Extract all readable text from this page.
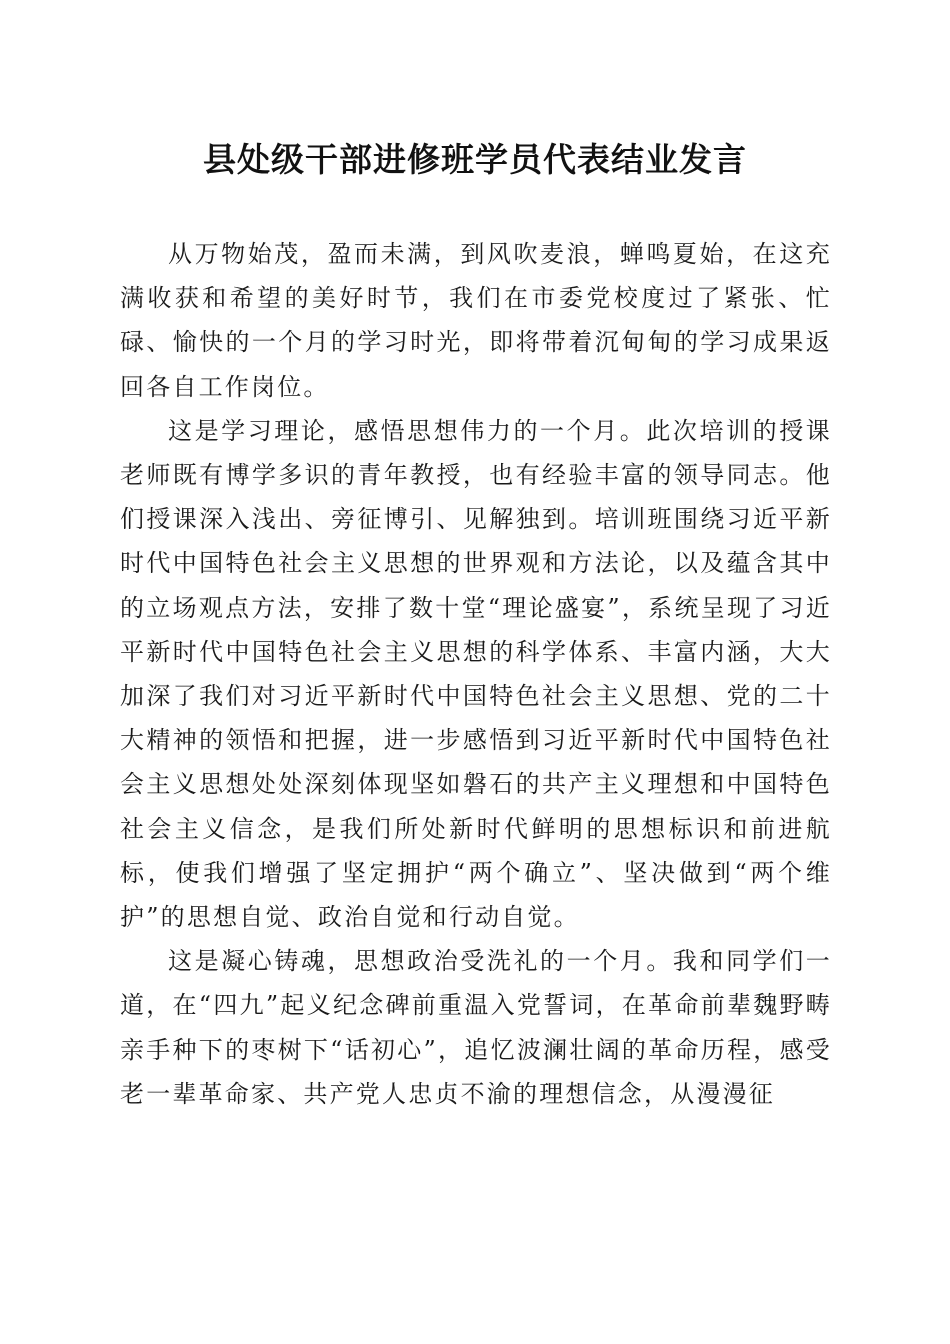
县处级干部进修班学员代表结业发言

从万物始茂，盈而未满，到风吹麦浪，蝉鸣夏始，在这充满收获和希望的美好时节，我们在市委党校度过了紧张、忙碌、愉快的一个月的学习时光，即将带着沉甸甸的学习成果返回各自工作岗位。

这是学习理论，感悟思想伟力的一个月。此次培训的授课老师既有博学多识的青年教授，也有经验丰富的领导同志。他们授课深入浅出、旁征博引、见解独到。培训班围绕习近平新时代中国特色社会主义思想的世界观和方法论，以及蕴含其中的立场观点方法，安排了数十堂“理论盛宴”，系统呈现了习近平新时代中国特色社会主义思想的科学体系、丰富内涵，大大加深了我们对习近平新时代中国特色社会主义思想、党的二十大精神的领悟和把握，进一步感悟到习近平新时代中国特色社会主义思想处处深刻体现坚如磐石的共产主义理想和中国特色社会主义信念，是我们所处新时代鲜明的思想标识和前进航标，使我们增强了坚定拥护“两个确立”、坚决做到“两个维护”的思想自觉、政治自觉和行动自觉。

这是凝心铸魂，思想政治受洗礼的一个月。我和同学们一道，在“四九”起义纪念碑前重温入党誓词，在革命前辈魏野畴亲手种下的枣树下“话初心”，追忆波澜壮阔的革命历程，感受老一辈革命家、共产党人忠贞不渝的理想信念，从漫漫征
